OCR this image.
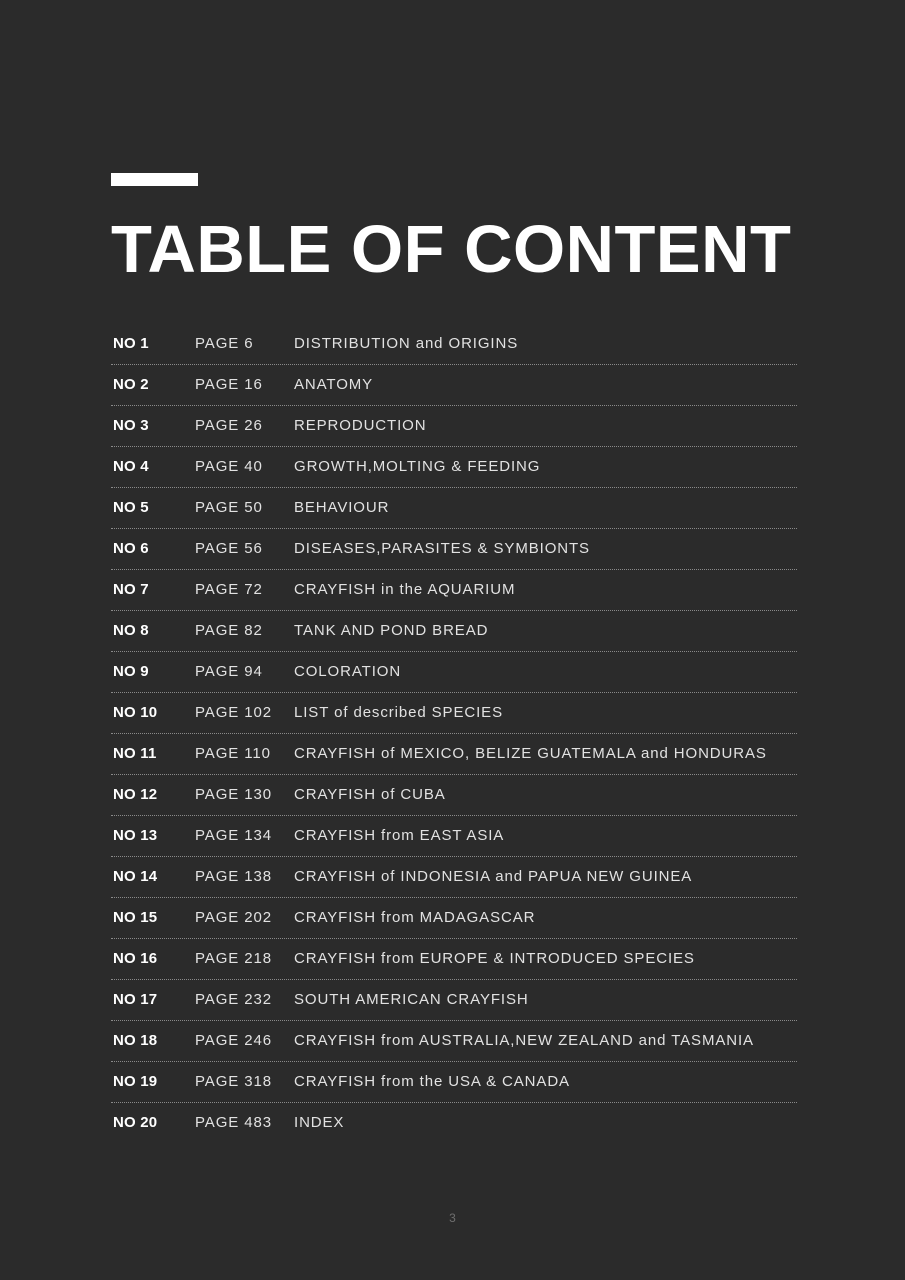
TABLE OF CONTENT
NO 1	PAGE 6	DISTRIBUTION and ORIGINS
NO 2	PAGE 16 ANATOMY
NO 3	PAGE 26 REPRODUCTION
NO 4	PAGE 40 GROWTH,MOLTING & FEEDING
NO 5	PAGE 50 BEHAVIOUR
NO 6	PAGE 56 DISEASES,PARASITES & SYMBIONTS
NO 7	PAGE 72 CRAYFISH in the AQUARIUM
NO 8	PAGE 82 TANK AND POND BREAD
NO 9	PAGE 94 COLORATION
NO 10	PAGE 102 LIST of described SPECIES
NO 11	PAGE 110 CRAYFISH of MEXICO, BELIZE GUATEMALA and HONDURAS
NO 12	PAGE 130 CRAYFISH of CUBA
NO 13	PAGE 134 CRAYFISH from EAST ASIA
NO 14	PAGE 138 CRAYFISH of INDONESIA and PAPUA NEW GUINEA
NO 15	PAGE 202 CRAYFISH from MADAGASCAR
NO 16	PAGE 218 CRAYFISH from EUROPE & INTRODUCED SPECIES
NO 17	PAGE 232 SOUTH AMERICAN CRAYFISH
NO 18	PAGE 246 CRAYFISH from AUSTRALIA,NEW ZEALAND and TASMANIA
NO 19	PAGE 318 CRAYFISH from the USA & CANADA
NO 20	PAGE 483 INDEX
3
